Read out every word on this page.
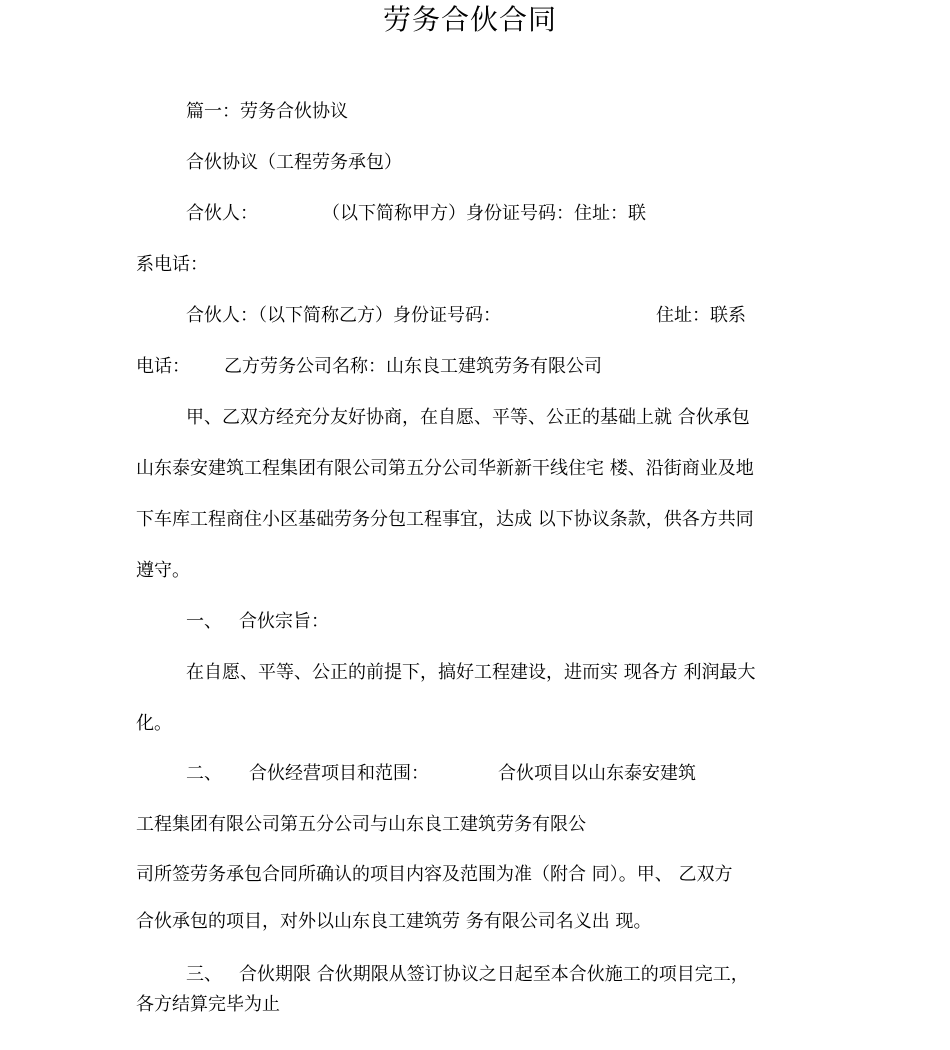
劳务合伙合同
篇一：劳务合伙协议
合伙协议（工程劳务承包）
合伙人：	（以下简称甲方）身份证号码：住址：联
系电话：
合伙人：（以下简称乙方）身份证号码：	住址：联系
电话： 乙方劳务公司名称：山东良工建筑劳务有限公司
甲、乙双方经充分友好协商，在自愿、平等、公正的基础上就 合伙承包
山东泰安建筑工程集团有限公司第五分公司华新新干线住宅 楼、沿街商业及地
下车库工程商住小区基础劳务分包工程事宜，达成 以下协议条款，供各方共同
遵守。
一、 合伙宗旨：
在自愿、平等、公正的前提下，搞好工程建设，进而实 现各方 利润最大
化。
二、 合伙经营项目和范围：	合伙项目以山东泰安建筑
工程集团有限公司第五分公司与山东良工建筑劳务有限公
司所签劳务承包合同所确认的项目内容及范围为准（附合 同）。甲、 乙双方
合伙承包的项目，对外以山东良工建筑劳 务有限公司名义出 现。
三、 合伙期限 合伙期限从签订协议之日起至本合伙施工的项目完工，
各方结算完毕为止
